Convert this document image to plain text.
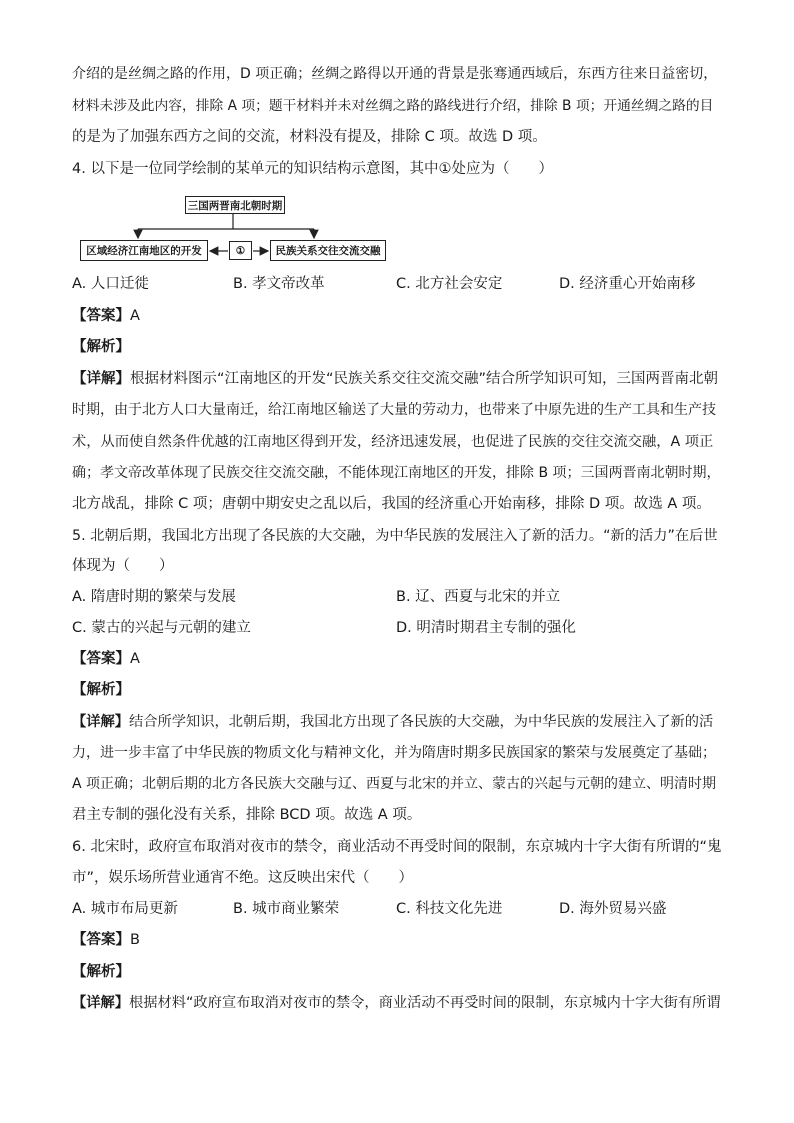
介绍的是丝绸之路的作用，D 项正确；丝绸之路得以开通的背景是张骞通西域后，东西方往来日益密切，
材料未涉及此内容，排除 A 项；题干材料并未对丝绸之路的路线进行介绍，排除 B 项；开通丝绸之路的目
的是为了加强东西方之间的交流，材料没有提及，排除 C 项。故选 D 项。
4. 以下是一位同学绘制的某单元的知识结构示意图，其中①处应为（　　）
三国两晋南北朝时期
区域经济江南地区的开发	①	民族关系交往交流交融
A. 人口迁徙	B. 孝文帝改革	C. 北方社会安定	D. 经济重心开始南移
【答案】A
【解析】
【详解】根据材料图示“江南地区的开发“民族关系交往交流交融”结合所学知识可知，三国两晋南北朝
时期，由于北方人口大量南迁，给江南地区输送了大量的劳动力，也带来了中原先进的生产工具和生产技
术，从而使自然条件优越的江南地区得到开发，经济迅速发展，也促进了民族的交往交流交融，A 项正
确；孝文帝改革体现了民族交往交流交融，不能体现江南地区的开发，排除 B 项；三国两晋南北朝时期，
北方战乱，排除 C 项；唐朝中期安史之乱以后，我国的经济重心开始南移，排除 D 项。故选 A 项。
5. 北朝后期，我国北方出现了各民族的大交融，为中华民族的发展注入了新的活力。“新的活力”在后世
体现为（　　）
A. 隋唐时期的繁荣与发展	B. 辽、西夏与北宋的并立
C. 蒙古的兴起与元朝的建立	D. 明清时期君主专制的强化
【答案】A
【解析】
【详解】结合所学知识，北朝后期，我国北方出现了各民族的大交融，为中华民族的发展注入了新的活
力，进一步丰富了中华民族的物质文化与精神文化，并为隋唐时期多民族国家的繁荣与发展奠定了基础；
A 项正确；北朝后期的北方各民族大交融与辽、西夏与北宋的并立、蒙古的兴起与元朝的建立、明清时期
君主专制的强化没有关系，排除 BCD 项。故选 A 项。
6. 北宋时，政府宣布取消对夜市的禁令，商业活动不再受时间的限制，东京城内十字大街有所谓的“鬼
市”，娱乐场所营业通宵不绝。这反映出宋代（　　）
A. 城市布局更新	B. 城市商业繁荣	C. 科技文化先进	D. 海外贸易兴盛
【答案】B
【解析】
【详解】根据材料“政府宣布取消对夜市的禁令，商业活动不再受时间的限制，东京城内十字大街有所谓
